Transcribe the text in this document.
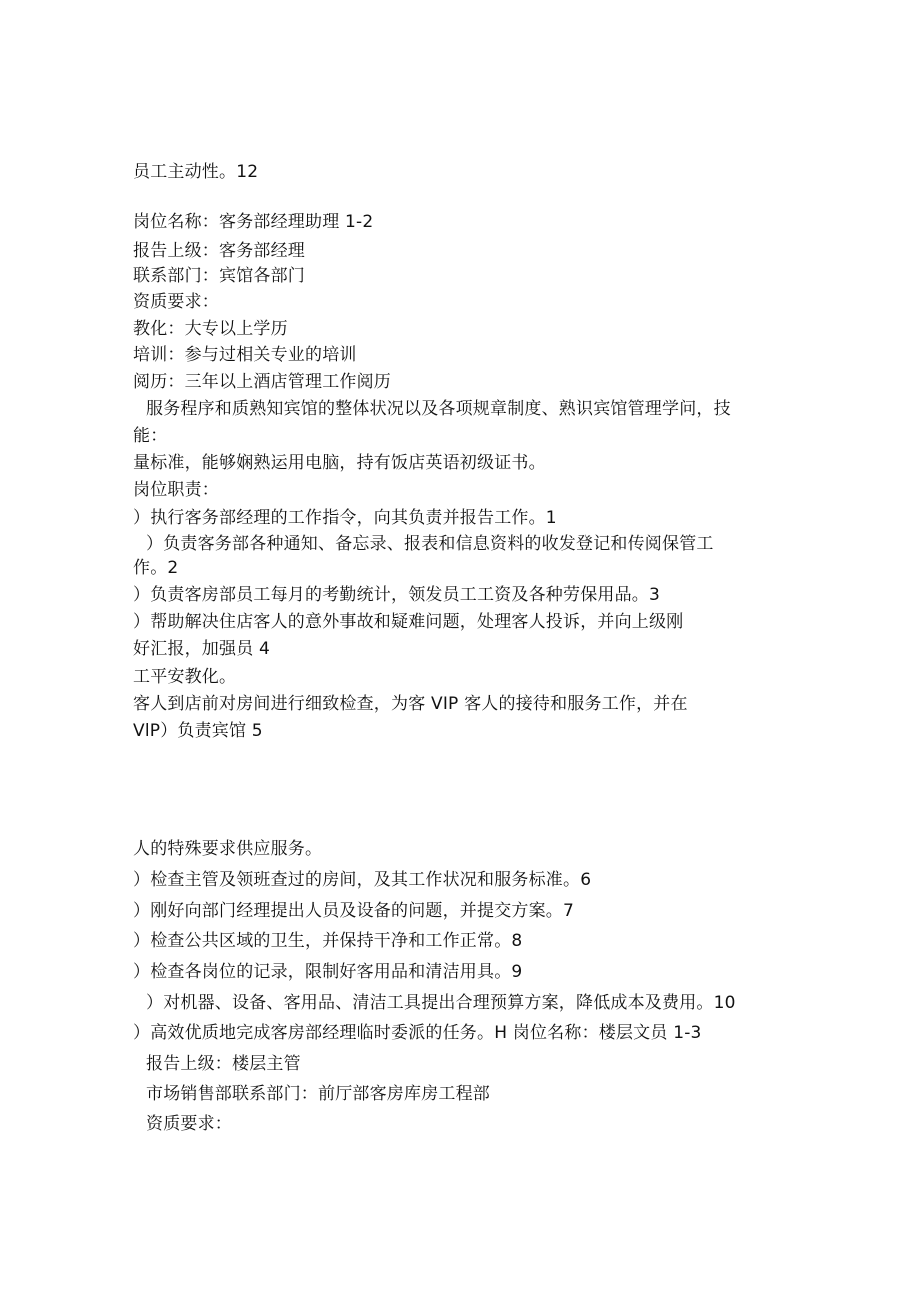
员工主动性。12
岗位名称：客务部经理助理 1-2
报告上级：客务部经理
联系部门：宾馆各部门
资质要求：
教化：大专以上学历
培训：参与过相关专业的培训
阅历：三年以上酒店管理工作阅历
服务程序和质熟知宾馆的整体状况以及各项规章制度、熟识宾馆管理学问，技
能：
量标准，能够娴熟运用电脑，持有饭店英语初级证书。
岗位职责：
）执行客务部经理的工作指令，向其负责并报告工作。1
）负责客务部各种通知、备忘录、报表和信息资料的收发登记和传阅保管工
作。2
）负责客房部员工每月的考勤统计，领发员工工资及各种劳保用品。3
）帮助解决住店客人的意外事故和疑难问题，处理客人投诉，并向上级刚
好汇报，加强员 4
工平安教化。
客人到店前对房间进行细致检查，为客 VIP 客人的接待和服务工作，并在
VlP）负责宾馆 5
人的特殊要求供应服务。
）检查主管及领班查过的房间，及其工作状况和服务标准。6
）刚好向部门经理提出人员及设备的问题，并提交方案。7
）检查公共区域的卫生，并保持干净和工作正常。8
）检查各岗位的记录，限制好客用品和清洁用具。9
）对机器、设备、客用品、清洁工具提出合理预算方案，降低成本及费用。10
）高效优质地完成客房部经理临时委派的任务。H 岗位名称：楼层文员 1-3
报告上级：楼层主管
市场销售部联系部门：前厅部客房库房工程部
资质要求：
